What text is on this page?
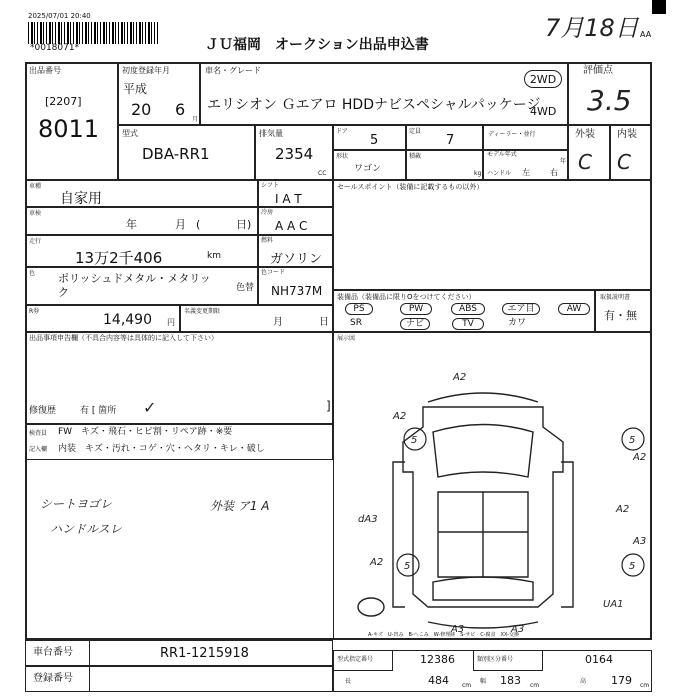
2025/07/01 20:40
*0018071*	ＪＵ福岡　オークション出品申込書
7月18日 AA
出品番号
[2207]
8011
初度登録年月
平成
20 6
月
車名・グレード
エリシオン Ｇエアロ HDDナビスペシャルパッケージ
2WD
4WD
評価点
3.5
型式
DBA-RR1
排気量
2354
CC
ドア
5
定員
7	ディーラー・並行
形状
ワゴン
積載
kg
モデル年式
年
ハンドル 左	右
外装
C
内装
C
車種
自家用
シフト
I A T
車検
年	月 (	日)
冷房
A A C
走行
13万2千406	km
燃料
ガソリン
色 ポリッシュドメタル・メタリック	色替
色コード
NH737M
R券
14,490 円
名義変更期限
月	日
セールスポイント（装備に記載するもの以外）
装備品（装備品に限りOをつけてください）
PS	PW	ABS	エア目	AW
SR	ナビ	TV	カワ
取扱説明書
有・無
出品事項申告欄（不具合内容等は具体的に記入して下さい）
修復歴	有 [ 箇所 ✓	]
検査員
記入欄
FW　キズ・飛石・ヒビ割・リペア跡・※要
内装　キズ・汚れ・コゲ・穴・ヘタリ・キレ・破し
シートヨゴレ	外装 ア1 A
ハンドルスレ
展示図
A2
A2
A2
A2
dA3
A2
A3
UA1
A3	A3
5	5
5	5
A-キズ　U-凹み　B-へこみ　W-修理跡　S-サビ　C-腐食　XX-交換
車台番号	RR1-1215918
登録番号
型式指定番号	12386	類別区分番号	0164
長	484 cm
幅 183 cm
高 179 cm
